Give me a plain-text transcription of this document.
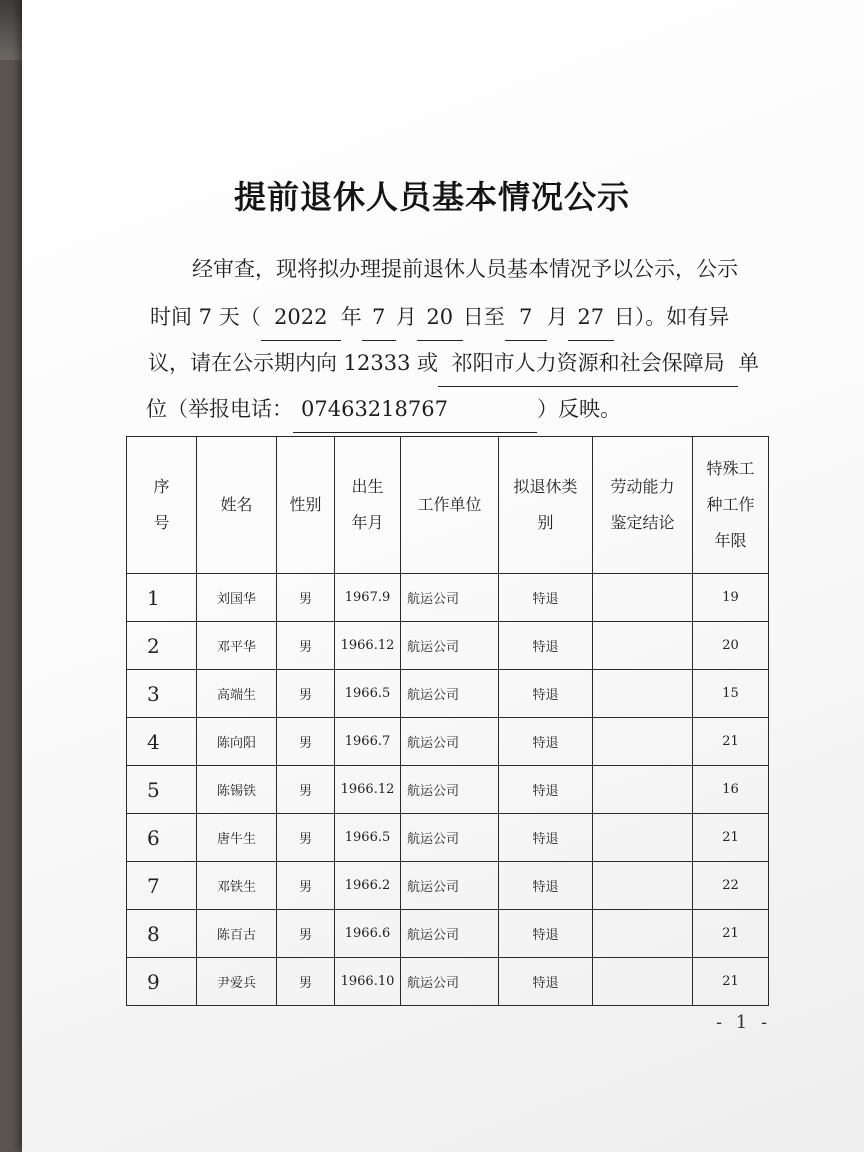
提前退休人员基本情况公示
经审查，现将拟办理提前退休人员基本情况予以公示，公示
时间 7 天（ 2022 年 7 月 20 日至 7 月 27 日）。如有异
议，请在公示期内向 12333 或 祁阳市人力资源和社会保障局 单
位（举报电话： 07463218767	）反映。
序号	姓名	性别	出生年月	工作单位	拟退休类别	劳动能力鉴定结论	特殊工种工作年限
1	刘国华	男	1967.9	航运公司	特退		19
2	邓平华	男	1966.12	航运公司	特退		20
3	高端生	男	1966.5	航运公司	特退		15
4	陈向阳	男	1966.7	航运公司	特退		21
5	陈锡铁	男	1966.12	航运公司	特退		16
6	唐牛生	男	1966.5	航运公司	特退		21
7	邓铁生	男	1966.2	航运公司	特退		22
8	陈百古	男	1966.6	航运公司	特退		21
9	尹爱兵	男	1966.10	航运公司	特退		21
- 1 -
